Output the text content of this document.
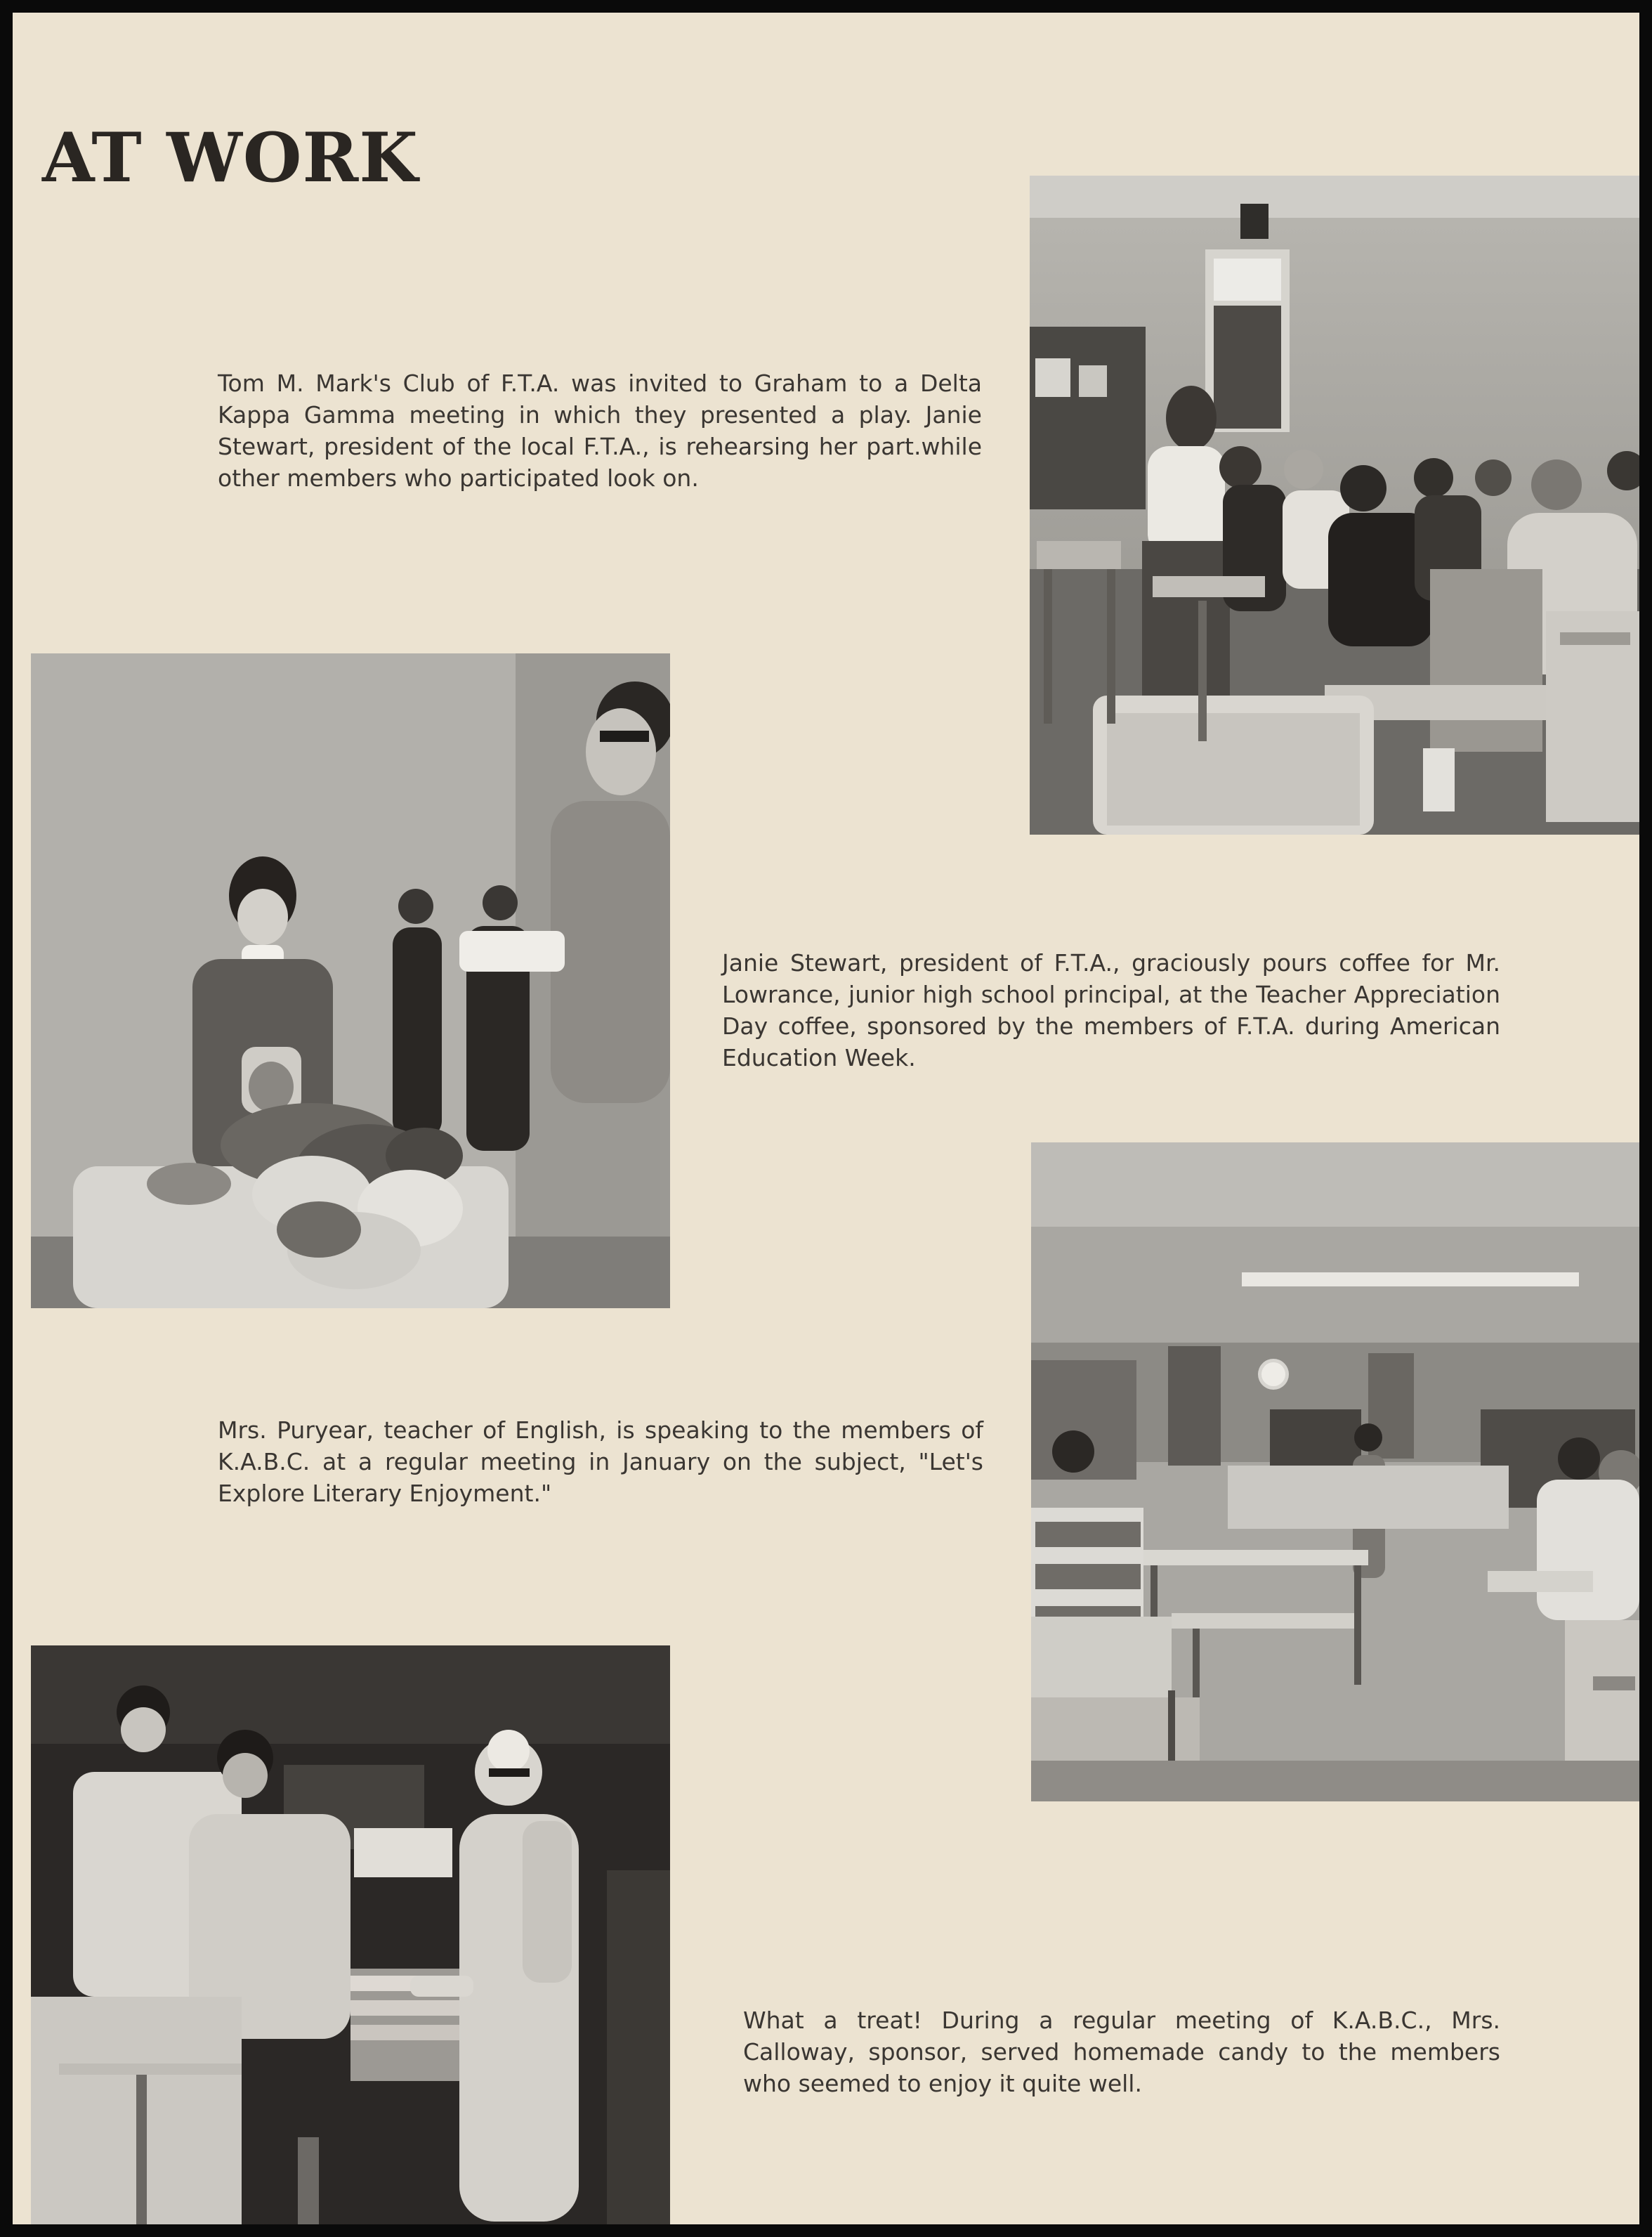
AT WORK

Tom M. Mark's Club of F.T.A. was invited to Graham to a Delta Kappa Gamma meeting in which they presented a play. Janie Stewart, president of the local F.T.A., is rehearsing her part.while other members who participated look on.

Janie Stewart, president of F.T.A., graciously pours coffee for Mr. Lowrance, junior high school principal, at the Teacher Appreciation Day coffee, sponsored by the members of F.T.A. during American Education Week.

Mrs. Puryear, teacher of English, is speaking to the members of K.A.B.C. at a regular meeting in January on the subject, "Let's Explore Literary Enjoyment."

What a treat! During a regular meeting of K.A.B.C., Mrs. Calloway, sponsor, served homemade candy to the members who seemed to enjoy it quite well.
